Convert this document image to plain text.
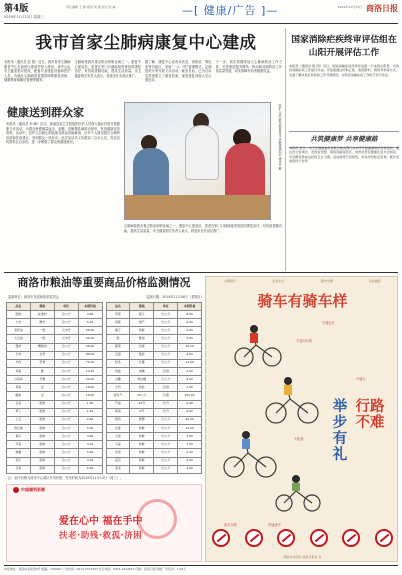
第4版
2019年11月13日 星期三
责任编辑 王 婷 视觉 刘 强 校对 张 敏	—[ 健康/广告 ]—	2019年11月13日 商洛日报
我市首家尘肺病康复中心建成

本报讯（通讯员 赵 强）近日，我市首家尘肺病康复中心在商州区建成并投入使用。该中心由市卫健委指导建设，配备专业康复设备和医护人员，为辖区尘肺病患者提供呼吸康复训练、健康教育和随访管理等服务。

尘肺病是我市重点防治的职业病之一。康复中心建成后，患者在家门口就能接受规范的康复治疗，有效改善肺功能，提高生活质量。市卫健委相关负责人表示，将逐步在各县区推广。

据了解，康复中心设有评估室、训练室、雾化室等功能区，采取“一人一档”管理模式，定期组织专家开展义诊活动。截至目前，已为百余名患者建立了康复档案，接受康复训练人员反馈良好。

下一步，我市将继续加大尘肺病防治工作力度，完善康复服务网络，推动职业病防治工作高质量发展，切实保障劳动者健康权益。

健康送到群众家

本报讯（通讯员 李 峰）近日，商南县某卫生院组织医护人员深入辖区村组开展健康义诊活动，为群众免费测量血压、血糖，讲解慢性病防治知识，发放健康宣传资料。活动中，医护人员耐心细致地为群众答疑解惑，针对个人情况提出合理的用药和饮食建议，受到群众一致好评。此次活动共义诊群众二百余人次，发放宣传资料五百余份，进一步增强了群众的健康意识。

尘肺病是我市重点防治的职业病之一。康复中心建成后，患者在家门口就能接受规范的康复治疗，有效改善肺功能，提高生活质量。市卫健委相关负责人表示，将逐步在各县区推广。

医护人员为群众测量血压 讲解健康知识 通讯员 摄
国家消除疟疾终审评估组在山阳开展评估工作

本报讯（通讯员 程 明）近日，国家消除疟疾终审评估组一行来到山阳县，对该县消除疟疾工作进行评估。评估组通过听取汇报、查阅资料、现场考核等方式，全面了解该县疟疾防控工作开展情况，对该县消除疟疾工作给予充分肯定。

共筑健康梦 共享健康路

本报讯 近日，市卫生健康委员会联合相关部门在市区开展健康知识宣传活动，通过设立咨询台、发放宣传册、现场答疑等形式，向市民普及健康生活方式知识，引导群众养成良好的卫生习惯。活动现场气氛热烈，市民纷纷驻足咨询，累计发放资料千余份。

商洛市粮油等重要商品价格监测情况
监测单位：商洛市发展和改革委员会	监测日期：2019年11月08日（星期五）
品名	规格	单位	本期价格
面粉	标准粉	元/公斤	3.80
大米	粳米	元/公斤	5.20
菜籽油	一级	元/5升	65.00
大豆油	一级	元/5升	52.00
猪肉	精瘦肉	元/公斤	56.00
牛肉	去骨	元/公斤	80.00
羊肉	带骨	元/公斤	72.00
鸡蛋	鲜	元/公斤	10.40
白条鸡	开膛	元/公斤	22.00
草鱼	活	元/公斤	18.00
鲤鱼	活	元/公斤	16.00
白菜	新鲜	元/公斤	1.60
萝卜	新鲜	元/公斤	1.40
土豆	新鲜	元/公斤	2.60
西红柿	新鲜	元/公斤	5.00
黄瓜	新鲜	元/公斤	4.60
芹菜	新鲜	元/公斤	3.20
辣椒	新鲜	元/公斤	5.60
茄子	新鲜	元/公斤	4.20
豆角	新鲜	元/公斤	6.80
品名	规格	单位	本期价格
苹果	富士	元/公斤	8.00
香蕉	国产	元/公斤	6.00
橘子	新鲜	元/公斤	5.00
梨	酥梨	元/公斤	5.60
葡萄	巨峰	元/公斤	10.00
豆腐	散装	元/公斤	4.00
粉条	红薯	元/公斤	14.00
食盐	加碘	元/袋	2.50
白糖	绵白糖	元/公斤	9.00
牛奶	袋装	元/袋	1.50
液化气	15公斤	元/瓶	105.00
汽油	92号	元/升	6.98
柴油	0号	元/升	6.62
猪肉	肥膘	元/公斤	40.00
生姜	新鲜	元/公斤	12.00
大葱	新鲜	元/公斤	3.00
大蒜	新鲜	元/公斤	7.00
洋葱	新鲜	元/公斤	2.40
蒜苔	新鲜	元/公斤	9.00
韭菜	新鲜	元/公斤	4.80
注：表中价格为我市中心城区平均价格，发布时间为2019年11月13日（周三）。
中国福利彩票
爱在心中 福在手中
扶老·助残·救孤·济困
文明骑行	安全出行	遵守交规	从我做起
骑车有骑车样
不闯红灯
不逆向行驶
不载人
不抢道
靠右行驶	车速适中
举步有礼
行路不难
商洛市文明办 商洛日报社 宣
本报地址：商洛市北新街6号 邮编：726000 广告热线：0914-2313333 发行热线：0914-2312812 印刷：商洛日报印刷厂 零售价：1.00元
